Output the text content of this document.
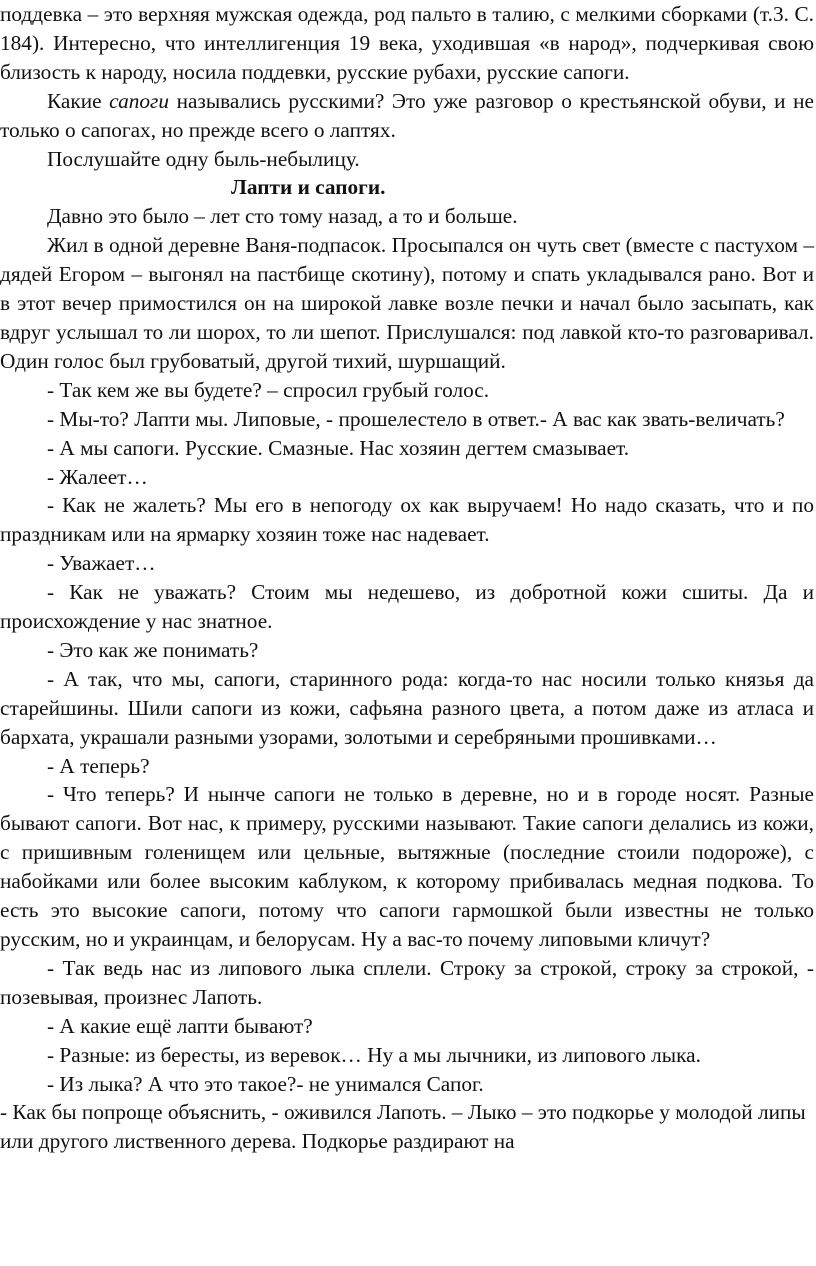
поддевка – это верхняя мужская одежда, род пальто в талию, с мелкими сборками (т.3. С. 184). Интересно, что интеллигенция 19 века, уходившая «в народ», подчеркивая свою близость к народу, носила поддевки, русские рубахи, русские сапоги.

Какие сапоги назывались русскими? Это уже разговор о крестьянской обуви, и не только о сапогах, но прежде всего о лаптях.

Послушайте одну быль-небылицу.

Лапти и сапоги.

Давно это было – лет сто тому назад, а то и больше.

Жил в одной деревне Ваня-подпасок. Просыпался он чуть свет (вместе с пастухом – дядей Егором – выгонял на пастбище скотину), потому и спать укладывался рано. Вот и в этот вечер примостился он на широкой лавке возле печки и начал было засыпать, как вдруг услышал то ли шорох, то ли шепот. Прислушался: под лавкой кто-то разговаривал. Один голос был грубоватый, другой тихий, шуршащий.

- Так кем же вы будете? – спросил грубый голос.

- Мы-то? Лапти мы. Липовые, - прошелестело в ответ.- А вас как звать-величать?

- А мы сапоги. Русские. Смазные. Нас хозяин дегтем смазывает.

- Жалеет…

- Как не жалеть? Мы его в непогоду ох как выручаем! Но надо сказать, что и по праздникам или на ярмарку хозяин тоже нас надевает.

- Уважает…

- Как не уважать? Стоим мы недешево, из добротной кожи сшиты. Да и происхождение у нас знатное.

- Это как же понимать?

- А так, что мы, сапоги, старинного рода: когда-то нас носили только князья да старейшины. Шили сапоги из кожи, сафьяна разного цвета, а потом даже из атласа и бархата, украшали разными узорами, золотыми и серебряными прошивками…

- А теперь?

- Что теперь? И нынче сапоги не только в деревне, но и в городе носят. Разные бывают сапоги. Вот нас, к примеру, русскими называют. Такие сапоги делались из кожи, с пришивным голенищем или цельные, вытяжные (последние стоили подороже), с набойками или более высоким каблуком, к которому прибивалась медная подкова. То есть это высокие сапоги, потому что сапоги гармошкой были известны не только русским, но и украинцам, и белорусам. Ну а вас-то почему липовыми кличут?

- Так ведь нас из липового лыка сплели. Строку за строкой, строку за строкой, - позевывая, произнес Лапоть.

- А какие ещё лапти бывают?

- Разные: из бересты, из веревок… Ну а мы лычники, из липового лыка.

- Из лыка? А что это такое?- не унимался Сапог.

- Как бы попроще объяснить, - оживился Лапоть. – Лыко – это подкорье у молодой липы или другого лиственного дерева. Подкорье раздирают на
